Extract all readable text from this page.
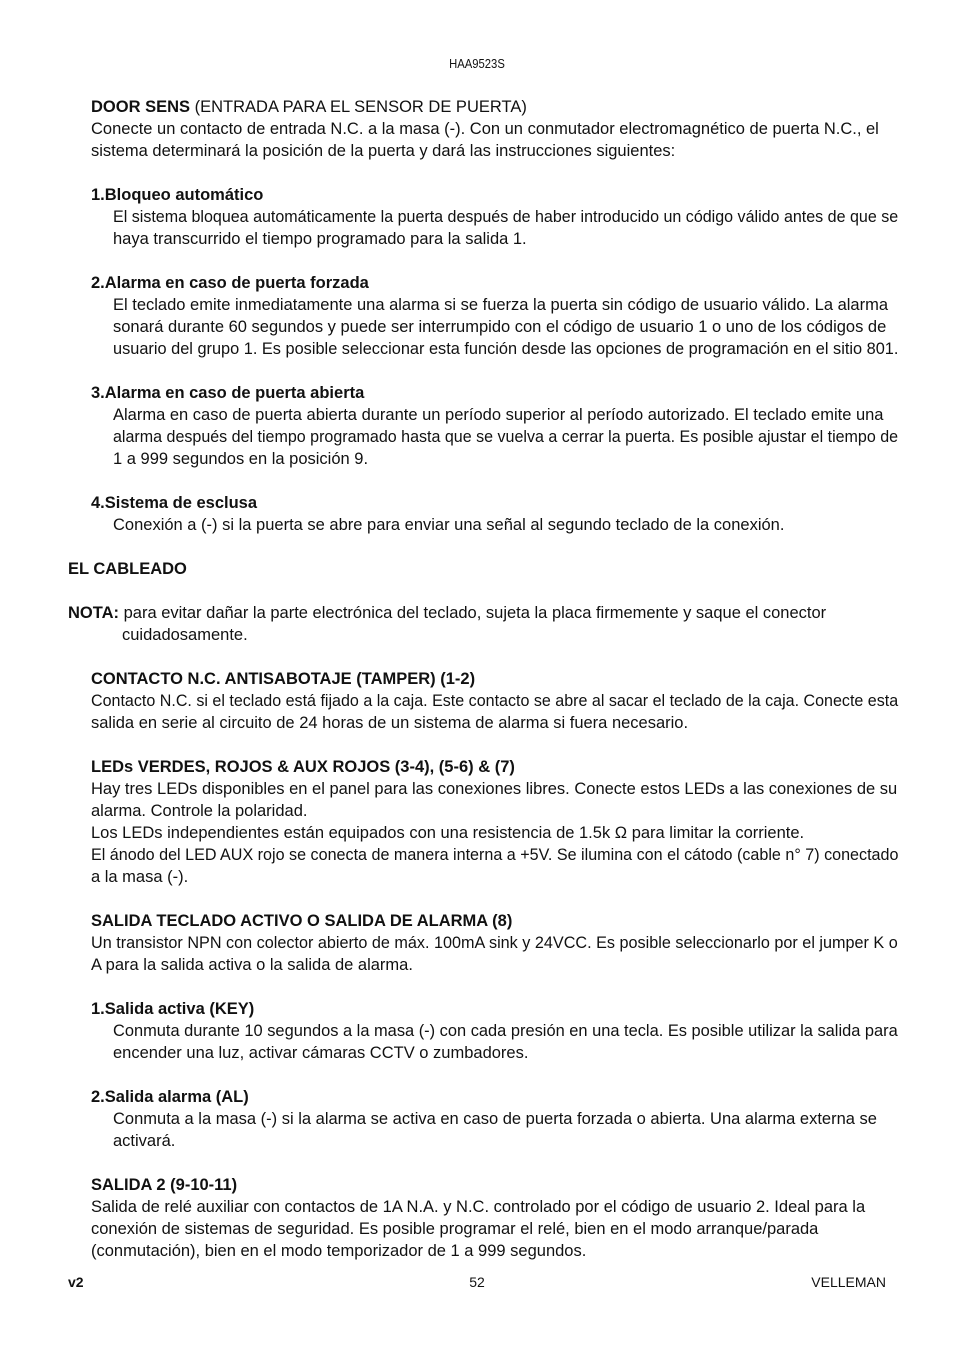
HAA9523S
DOOR SENS (ENTRADA PARA EL SENSOR DE PUERTA)
Conecte un contacto de entrada N.C. a la masa (-). Con un conmutador electromagnético de puerta N.C., el
sistema determinará la posición de la puerta y dará las instrucciones siguientes:
1.Bloqueo automático
El sistema bloquea automáticamente la puerta después de haber introducido un código válido antes de que se
haya transcurrido el tiempo programado para la salida 1.
2.Alarma en caso de puerta forzada
El teclado emite inmediatamente una alarma si se fuerza la puerta sin código de usuario válido. La alarma
sonará durante 60 segundos y puede ser interrumpido con el código de usuario 1 o uno de los códigos de
usuario del grupo 1. Es posible seleccionar esta función desde las opciones de programación en el sitio 801.
3.Alarma en caso de puerta abierta
Alarma en caso de puerta abierta durante un período superior al período autorizado. El teclado emite una
alarma después del tiempo programado hasta que se vuelva a cerrar la puerta. Es posible ajustar el tiempo de
1 a 999 segundos en la posición 9.
4.Sistema de esclusa
Conexión a (-) si la puerta se abre para enviar una señal al segundo teclado de la conexión.
EL CABLEADO
NOTA: para evitar dañar la parte electrónica del teclado, sujeta la placa firmemente y saque el conector
cuidadosamente.
CONTACTO N.C. ANTISABOTAJE (TAMPER) (1-2)
Contacto N.C. si el teclado está fijado a la caja. Este contacto se abre al sacar el teclado de la caja. Conecte esta
salida en serie al circuito de 24 horas de un sistema de alarma si fuera necesario.
LEDs VERDES, ROJOS & AUX ROJOS (3-4), (5-6) & (7)
Hay tres LEDs disponibles en el panel para las conexiones libres. Conecte estos LEDs a las conexiones de su
alarma. Controle la polaridad.
Los LEDs independientes están equipados con una resistencia de 1.5k Ω para limitar la corriente.
El ánodo del LED AUX rojo se conecta de manera interna a +5V. Se ilumina con el cátodo (cable n° 7) conectado
a la masa (-).
SALIDA TECLADO ACTIVO O SALIDA DE ALARMA (8)
Un transistor NPN con colector abierto de máx. 100mA sink y 24VCC. Es posible seleccionarlo por el jumper K o
A para la salida activa o la salida de alarma.
1.Salida activa (KEY)
Conmuta durante 10 segundos a la masa (-) con cada presión en una tecla. Es posible utilizar la salida para
encender una luz, activar cámaras CCTV o zumbadores.
2.Salida alarma (AL)
Conmuta a la masa (-) si la alarma se activa en caso de puerta forzada o abierta. Una alarma externa se
activará.
SALIDA 2 (9-10-11)
Salida de relé auxiliar con contactos de 1A N.A. y N.C. controlado por el código de usuario 2. Ideal para la
conexión de sistemas de seguridad. Es posible programar el relé, bien en el modo arranque/parada
(conmutación), bien en el modo temporizador de 1 a 999 segundos.
v2	52	VELLEMAN
